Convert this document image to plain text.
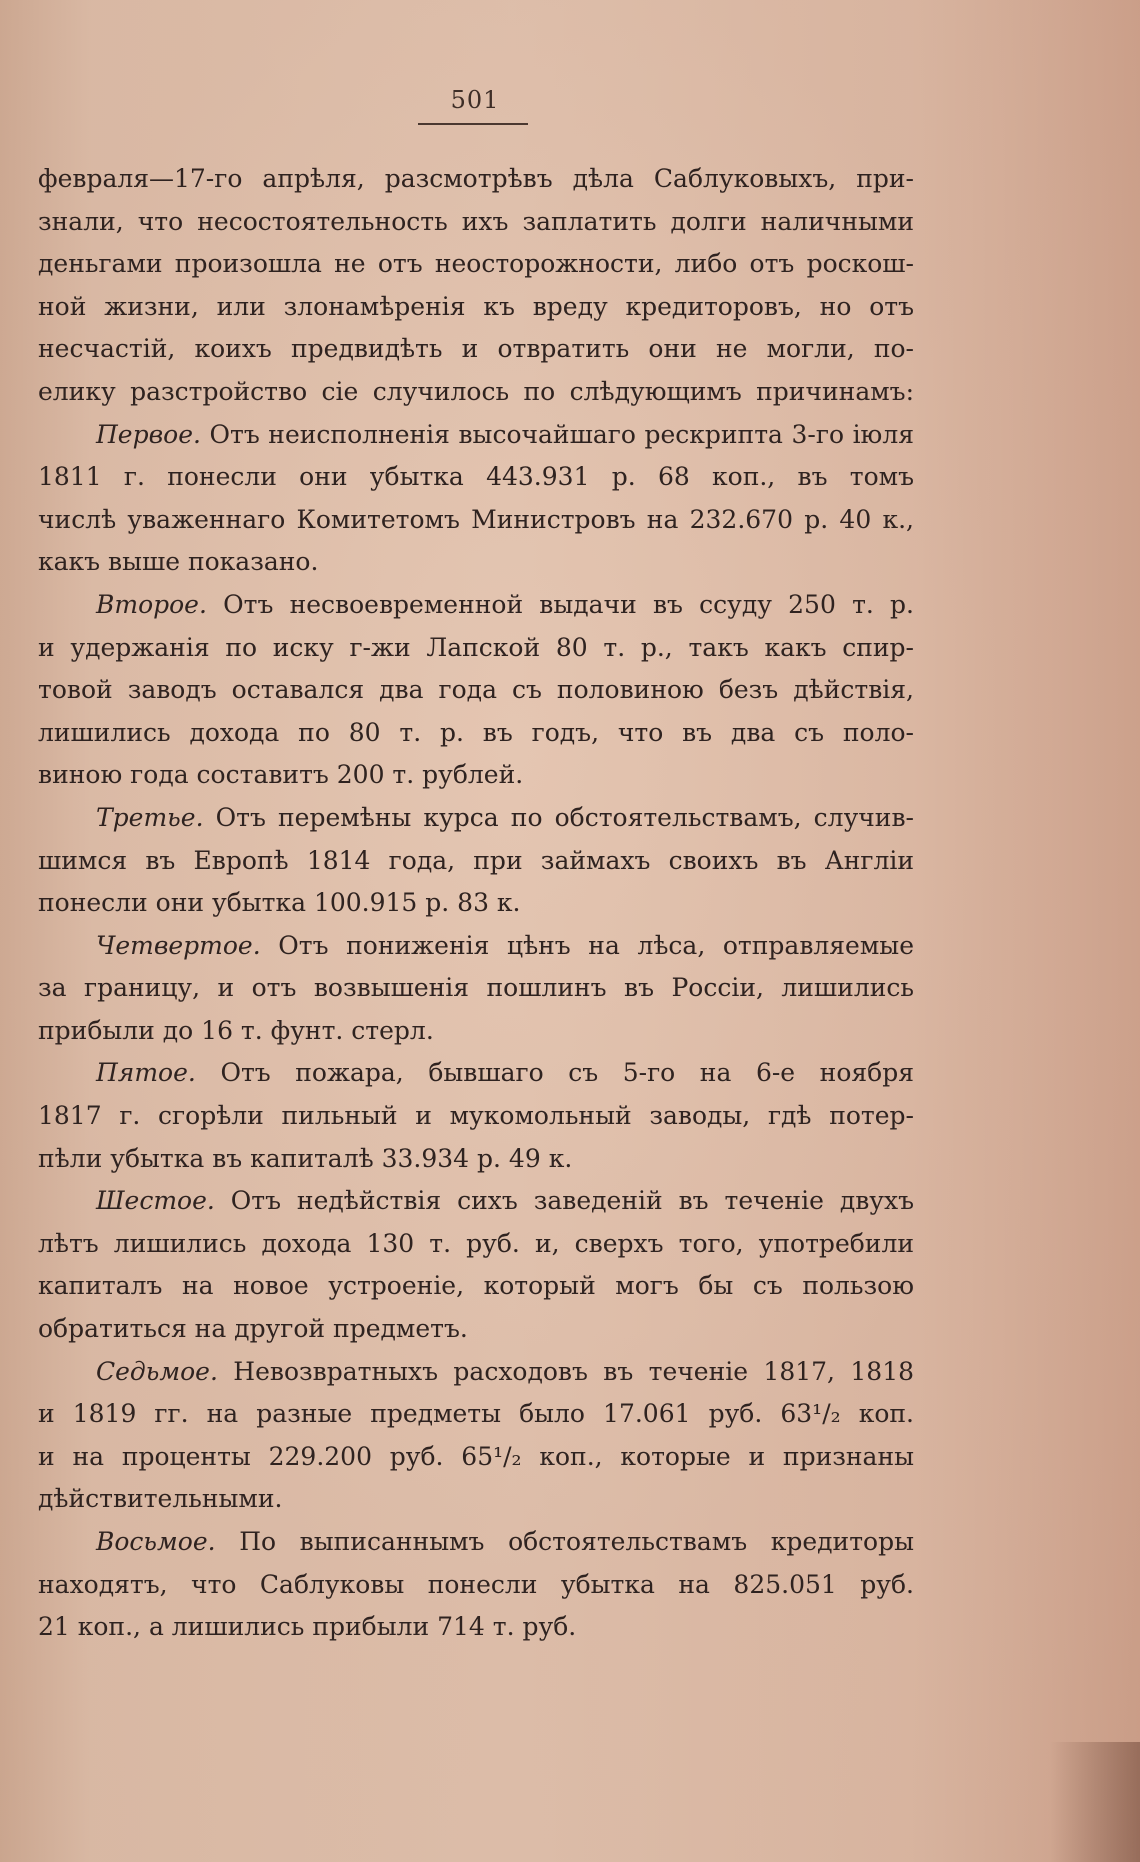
501
февраля—17-го апрѣля, разсмотрѣвъ дѣла Саблуковыхъ, при-
знали, что несостоятельность ихъ заплатить долги наличными
деньгами произошла не отъ неосторожности, либо отъ роскош-
ной жизни, или злонамѣренія къ вреду кредиторовъ, но отъ
несчастій, коихъ предвидѣть и отвратить они не могли, по-
елику разстройство сіе случилось по слѣдующимъ причинамъ:
Первое. Отъ неисполненія высочайшаго рескрипта 3-го іюля
1811 г. понесли они убытка 443.931 р. 68 коп., въ томъ
числѣ уваженнаго Комитетомъ Министровъ на 232.670 р. 40 к.,
какъ выше показано.
Второе. Отъ несвоевременной выдачи въ ссуду 250 т. р.
и удержанія по иску г-жи Лапской 80 т. р., такъ какъ спир-
товой заводъ оставался два года съ половиною безъ дѣйствія,
лишились дохода по 80 т. р. въ годъ, что въ два съ поло-
виною года составитъ 200 т. рублей.
Третье. Отъ перемѣны курса по обстоятельствамъ, случив-
шимся въ Европѣ 1814 года, при займахъ своихъ въ Англіи
понесли они убытка 100.915 р. 83 к.
Четвертое. Отъ пониженія цѣнъ на лѣса, отправляемые
за границу, и отъ возвышенія пошлинъ въ Россіи, лишились
прибыли до 16 т. фунт. стерл.
Пятое. Отъ пожара, бывшаго съ 5-го на 6-е ноября
1817 г. сгорѣли пильный и мукомольный заводы, гдѣ потер-
пѣли убытка въ капиталѣ 33.934 р. 49 к.
Шестое. Отъ недѣйствія сихъ заведеній въ теченіе двухъ
лѣтъ лишились дохода 130 т. руб. и, сверхъ того, употребили
капиталъ на новое устроеніе, который могъ бы съ пользою
обратиться на другой предметъ.
Седьмое. Невозвратныхъ расходовъ въ теченіе 1817, 1818
и 1819 гг. на разные предметы было 17.061 руб. 63¹/₂ коп.
и на проценты 229.200 руб. 65¹/₂ коп., которые и признаны
дѣйствительными.
Восьмое. По выписаннымъ обстоятельствамъ кредиторы
находятъ, что Саблуковы понесли убытка на 825.051 руб.
21 коп., а лишились прибыли 714 т. руб.
